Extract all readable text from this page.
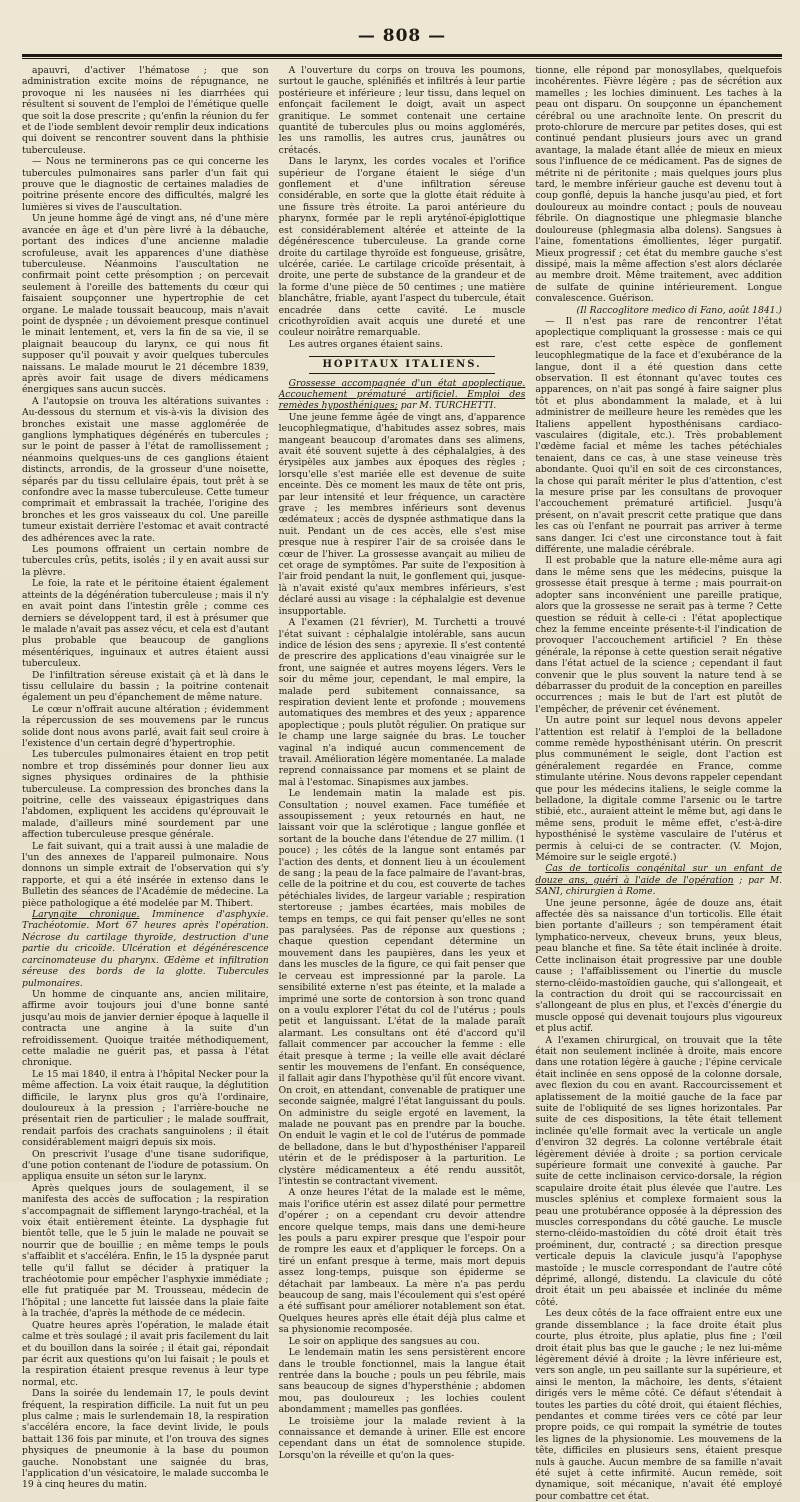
— 808 —

apauvri, d'activer l'hématose ; que son administration excite moins de répugnance, ne provoque ni les nausées ni les diarrhées qui résultent si souvent de l'emploi de l'émétique quelle que soit la dose prescrite ; qu'enfin la réunion du fer et de l'iode semblent devoir remplir deux indications qui doivent se rencontrer souvent dans la phthisie tuberculeuse.

— Nous ne terminerons pas ce qui concerne les tubercules pulmonaires sans parler d'un fait qui prouve que le diagnostic de certaines maladies de poitrine présente encore des difficultés, malgré les lumières si vives de l'auscultation.

Un jeune homme âgé de vingt ans, né d'une mère avancée en âge et d'un père livré à la débauche, portant des indices d'une ancienne maladie scrofuleuse, avait les apparences d'une diathèse tuberculeuse. Néanmoins l'auscultation ne confirmait point cette présomption ; on percevait seulement à l'oreille des battements du cœur qui faisaient soupçonner une hypertrophie de cet organe. Le malade toussait beaucoup, mais n'avait point de dyspnée ; un dévoiement presque continuel le minait lentement, et, vers la fin de sa vie, il se plaignait beaucoup du larynx, ce qui nous fit supposer qu'il pouvait y avoir quelques tubercules naissans. Le malade mourut le 21 décembre 1839, après avoir fait usage de divers médicamens énergiques sans aucun succès.

A l'autopsie on trouva les altérations suivantes : Au-dessous du sternum et vis-à-vis la division des bronches existait une masse agglomérée de ganglions lymphatiques dégénérés en tubercules ; sur le point de passer à l'état de ramollissement ; néanmoins quelques-uns de ces ganglions étaient distincts, arrondis, de la grosseur d'une noisette, séparés par du tissu cellulaire épais, tout prêt à se confondre avec la masse tuberculeuse. Cette tumeur comprimait et embrassait la trachée, l'origine des bronches et les gros vaisseaux du col. Une pareille tumeur existait derrière l'estomac et avait contracté des adhérences avec la rate.

Les poumons offraient un certain nombre de tubercules crûs, petits, isolés ; il y en avait aussi sur la plèvre.

Le foie, la rate et le péritoine étaient également atteints de la dégénération tuberculeuse ; mais il n'y en avait point dans l'intestin grêle ; comme ces derniers se développent tard, il est à présumer que le malade n'avait pas assez vécu, et cela est d'autant plus probable que beaucoup de ganglions mésentériques, inguinaux et autres étaient aussi tuberculeux.

De l'infiltration séreuse existait çà et là dans le tissu cellulaire du bassin ; la poitrine contenait également un peu d'épanchement de même nature.

Le cœur n'offrait aucune altération ; évidemment la répercussion de ses mouvemens par le runcus solide dont nous avons parlé, avait fait seul croire à l'existence d'un certain degré d'hypertrophie.

Les tubercules pulmonaires étaient en trop petit nombre et trop disséminés pour donner lieu aux signes physiques ordinaires de la phthisie tuberculeuse. La compression des bronches dans la poitrine, celle des vaisseaux épigastriques dans l'abdomen, expliquent les accidens qu'éprouvait le malade, d'ailleurs miné sourdement par une affection tuberculeuse presque générale.

Le fait suivant, qui a trait aussi à une maladie de l'un des annexes de l'appareil pulmonaire. Nous donnons un simple extrait de l'observation qui s'y rapporte, et qui a été insérée in extenso dans le Bulletin des séances de l'Académie de médecine. La pièce pathologique a été modelée par M. Thibert.

Laryngite chronique. Imminence d'asphyxie. Trachéotomie. Mort 67 heures après l'opération. Nécrose du cartilage thyroïde, destruction d'une partie du cricoïde. Ulcération et dégénérescence carcinomateuse du pharynx. Œdème et infiltration séreuse des bords de la glotte. Tubercules pulmonaires.

Un homme de cinquante ans, ancien militaire, affirme avoir toujours joui d'une bonne santé jusqu'au mois de janvier dernier époque à laquelle il contracta une angine à la suite d'un refroidissement. Quoique traitée méthodiquement, cette maladie ne guérit pas, et passa à l'état chronique.

Le 15 mai 1840, il entra à l'hôpital Necker pour la même affection. La voix était rauque, la déglutition difficile, le larynx plus gros qu'à l'ordinaire, douloureux à la pression ; l'arrière-bouche ne présentait rien de particulier ; le malade souffrait, rendait parfois des crachats sanguinolens ; il était considérablement maigri depuis six mois.

On prescrivit l'usage d'une tisane sudorifique, d'une potion contenant de l'iodure de potassium. On appliqua ensuite un séton sur le larynx.

Après quelques jours de soulagement, il se manifesta des accès de suffocation ; la respiration s'accompagnait de sifflement laryngo-trachéal, et la voix était entièrement éteinte. La dysphagie fut bientôt telle, que le 5 juin le malade ne pouvait se nourrir que de bouillie ; en même temps le pouls s'affaiblit et s'accéléra. Enfin, le 15 la dyspnée parut telle qu'il fallut se décider à pratiquer la trachéotomie pour empêcher l'asphyxie immédiate ; elle fut pratiquée par M. Trousseau, médecin de l'hôpital ; une lancette fut laissée dans la plaie faite à la trachée, d'après la méthode de ce médecin.

Quatre heures après l'opération, le malade était calme et très soulagé ; il avait pris facilement du lait et du bouillon dans la soirée ; il était gai, répondait par écrit aux questions qu'on lui faisait ; le pouls et la respiration étaient presque revenus à leur type normal, etc.

Dans la soirée du lendemain 17, le pouls devint fréquent, la respiration difficile. La nuit fut un peu plus calme ; mais le surlendemain 18, la respiration s'accéléra encore, la face devint livide, le pouls battait 136 fois par minute, et l'on trouva des signes physiques de pneumonie à la base du poumon gauche. Nonobstant une saignée du bras, l'application d'un vésicatoire, le malade succomba le 19 à cinq heures du matin.

A l'ouverture du corps on trouva les poumons, surtout le gauche, splénifiés et infiltrés à leur partie postérieure et inférieure ; leur tissu, dans lequel on enfonçait facilement le doigt, avait un aspect granitique. Le sommet contenait une certaine quantité de tubercules plus ou moins agglomérés, les uns ramollis, les autres crus, jaunâtres ou crétacés.

Dans le larynx, les cordes vocales et l'orifice supérieur de l'organe étaient le siége d'un gonflement et d'une infiltration séreuse considérable, en sorte que la glotte était réduite à une fissure très étroite. La paroi antérieure du pharynx, formée par le repli aryténoï-épiglottique est considérablement altérée et atteinte de la dégénérescence tuberculeuse. La grande corne droite du cartilage thyroïde est fongueuse, grisâtre, ulcérée, cariée. Le cartilage cricoïde présentait, à droite, une perte de substance de la grandeur et de la forme d'une pièce de 50 centimes ; une matière blanchâtre, friable, ayant l'aspect du tubercule, était encadrée dans cette cavité. Le muscle cricothyroïdien avait acquis une dureté et une couleur noirâtre remarquable.

Les autres organes étaient sains.

HOPITAUX ITALIENS.

Grossesse accompagnée d'un état apoplectique. Accouchement prématuré artificiel. Emploi des remèdes hyposthéniques; par M. TURCHETTI.

Une jeune femme âgée de vingt ans, d'apparence leucophlegmatique, d'habitudes assez sobres, mais mangeant beaucoup d'aromates dans ses alimens, avait été souvent sujette à des céphalalgies, à des érysipèles aux jambes aux époques des règles ; lorsqu'elle s'est mariée elle est devenue de suite enceinte. Dès ce moment les maux de tête ont pris, par leur intensité et leur fréquence, un caractère grave ; les membres inférieurs sont devenus œdémateux ; accès de dyspnée asthmatique dans la nuit. Pendant un de ces accès, elle s'est mise presque nue à respirer l'air de sa croisée dans le cœur de l'hiver. La grossesse avançait au milieu de cet orage de symptômes. Par suite de l'exposition à l'air froid pendant la nuit, le gonflement qui, jusque-là n'avait existé qu'aux membres inférieurs, s'est déclaré aussi au visage : la céphalalgie est devenue insupportable.

A l'examen (21 février), M. Turchetti a trouvé l'état suivant : céphalalgie intolérable, sans aucun indice de lésion des sens ; apyrexie. Il s'est contenté de prescrire des applications d'eau vinaigrée sur le front, une saignée et autres moyens légers. Vers le soir du même jour, cependant, le mal empire, la malade perd subitement connaissance, sa respiration devient lente et profonde ; mouvemens automatiques des membres et des yeux ; apparence apoplectique ; pouls plutôt régulier. On pratique sur le champ une large saignée du bras. Le toucher vaginal n'a indiqué aucun commencement de travail. Amélioration légère momentanée. La malade reprend connaissance par momens et se plaint de mal à l'estomac. Sinapismes aux jambes.

Le lendemain matin la malade est pis. Consultation ; nouvel examen. Face tuméfiée et assoupissement ; yeux retournés en haut, ne laissant voir que la sclérotique ; langue gonflée et sortant de la bouche dans l'étendue de 27 millim. (1 pouce) ; les côtés de la langue sont entamés par l'action des dents, et donnent lieu à un écoulement de sang ; la peau de la face palmaire de l'avant-bras, celle de la poitrine et du cou, est couverte de taches pétéchiales livides, de largeur variable ; respiration stertoreuse ; jambes écartées, mais mobiles de temps en temps, ce qui fait penser qu'elles ne sont pas paralysées. Pas de réponse aux questions ; chaque question cependant détermine un mouvement dans les paupières, dans les yeux et dans les muscles de la figure, ce qui fait penser que le cerveau est impressionné par la parole. La sensibilité externe n'est pas éteinte, et la malade a imprimé une sorte de contorsion à son tronc quand on a voulu explorer l'état du col de l'utérus ; pouls petit et languissant. L'état de la malade paraît alarmant. Les consultans ont été d'accord qu'il fallait commencer par accoucher la femme : elle était presque à terme ; la veille elle avait déclaré sentir les mouvemens de l'enfant. En conséquence, il fallait agir dans l'hypothèse qu'il fût encore vivant. On croit, en attendant, convenable de pratiquer une seconde saignée, malgré l'état languissant du pouls. On administre du seigle ergoté en lavement, la malade ne pouvant pas en prendre par la bouche. On enduit le vagin et le col de l'utérus de pommade de belladone, dans le but d'hyposthéniser l'appareil utérin et de le prédisposer à la parturition. Le clystère médicamenteux a été rendu aussitôt, l'intestin se contractant vivement.

A onze heures l'état de la malade est le même, mais l'orifice utérin est assez dilaté pour permettre d'opérer ; on a cependant cru devoir attendre encore quelque temps, mais dans une demi-heure les pouls a paru expirer presque que l'espoir pour de rompre les eaux et d'appliquer le forceps. On a tiré un enfant presque à terme, mais mort depuis assez long-temps, puisque son épiderme se détachait par lambeaux. La mère n'a pas perdu beaucoup de sang, mais l'écoulement qui s'est opéré a été suffisant pour améliorer notablement son état. Quelques heures après elle était déjà plus calme et sa physionomie recomposée.

Le soir on applique des sangsues au cou.

Le lendemain matin les sens persistèrent encore dans le trouble fonctionnel, mais la langue était rentrée dans la bouche ; pouls un peu fébrile, mais sans beaucoup de signes d'hypersthénie ; abdomen mou, pas douloureux ; les lochies coulent abondamment ; mamelles pas gonflées.

Le troisième jour la malade revient à la connaissance et demande à uriner. Elle est encore cependant dans un état de somnolence stupide. Lorsqu'on la réveille et qu'on la ques-

tionne, elle répond par monosyllabes, quelquefois incohérentes. Fièvre légère ; pas de sécrétion aux mamelles ; les lochies diminuent. Les taches à la peau ont disparu. On soupçonne un épanchement cérébral ou une arachnoïte lente. On prescrit du proto-chlorure de mercure par petites doses, qui est continué pendant plusieurs jours avec un grand avantage, la malade étant allée de mieux en mieux sous l'influence de ce médicament. Pas de signes de métrite ni de péritonite ; mais quelques jours plus tard, le membre inférieur gauche est devenu tout à coup gonflé, depuis la hanche jusqu'au pied, et fort douloureux au moindre contact ; pouls de nouveau fébrile. On diagnostique une phlegmasie blanche douloureuse (phlegmasia alba dolens). Sangsues à l'aine, fomentations émollientes, léger purgatif. Mieux progressif ; cet état du membre gauche s'est dissipé, mais la même affection s'est alors déclarée au membre droit. Même traitement, avec addition de sulfate de quinine intérieurement. Longue convalescence. Guérison.

(Il Raccoglitore medico di Fano, août 1841.)

— Il n'est pas rare de rencontrer l'état apoplectique compliquant la grossesse : mais ce qui est rare, c'est cette espèce de gonflement leucophlegmatique de la face et d'exubérance de la langue, dont il a été question dans cette observation. Il est étonnant qu'avec toutes ces apparences, on n'ait pas songé à faire saigner plus tôt et plus abondamment la malade, et à lui administrer de meilleure heure les remèdes que les Italiens appellent hyposthénisans cardiaco-vasculaires (digitale, etc.). Très probablement l'œdème facial et même les taches pétéchiales tenaient, dans ce cas, à une stase veineuse très abondante. Quoi qu'il en soit de ces circonstances, la chose qui paraît mériter le plus d'attention, c'est la mesure prise par les consultans de provoquer l'accouchement prématuré artificiel. Jusqu'à présent, on n'avait prescrit cette pratique que dans les cas où l'enfant ne pourrait pas arriver à terme sans danger. Ici c'est une circonstance tout à fait différente, une maladie cérébrale.

Il est probable que la nature elle-même aura agi dans le même sens que les médecins, puisque la grossesse était presque à terme ; mais pourrait-on adopter sans inconvénient une pareille pratique, alors que la grossesse ne serait pas à terme ? Cette question se réduit à celle-ci : l'état apoplectique chez la femme enceinte présente-t-il l'indication de provoquer l'accouchement artificiel ? En thèse générale, la réponse à cette question serait négative dans l'état actuel de la science ; cependant il faut convenir que le plus souvent la nature tend à se débarrasser du produit de la conception en pareilles occurrences ; mais le but de l'art est plutôt de l'empêcher, de prévenir cet événement.

Un autre point sur lequel nous devons appeler l'attention est relatif à l'emploi de la belladone comme remède hyposthénisant utérin. On prescrit plus communément le seigle, dont l'action est généralement regardée en France, comme stimulante utérine. Nous devons rappeler cependant que pour les médecins italiens, le seigle comme la belladone, la digitale comme l'arsenic ou le tartre stibié, etc., auraient atteint le même but, agi dans le même sens, produit le même effet, c'est-à-dire hyposthénisé le système vasculaire de l'utérus et permis à celui-ci de se contracter. (V. Mojon, Mémoire sur le seigle ergoté.)

Cas de torticolis congénital sur un enfant de douze ans, guéri à l'aide de l'opération ; par M. SANI, chirurgien à Rome.

Une jeune personne, âgée de douze ans, était affectée dès sa naissance d'un torticolis. Elle était bien portante d'ailleurs ; son tempérament était lymphatico-nerveux, cheveux bruns, yeux bleus, peau blanche et fine. Sa tête était inclinée à droite. Cette inclinaison était progressive par une double cause ; l'affaiblissement ou l'inertie du muscle sterno-cléido-mastoïdien gauche, qui s'allongeait, et la contraction du droit qui se raccourcissait en s'allongeant de plus en plus, et l'excès d'énergie du muscle opposé qui devenait toujours plus vigoureux et plus actif.

A l'examen chirurgical, on trouvait que la tête était non seulement inclinée à droite, mais encore dans une rotation légère à gauche ; l'épine cervicale était inclinée en sens opposé de la colonne dorsale, avec flexion du cou en avant. Raccourcissement et aplatissement de la moitié gauche de la face par suite de l'obliquité de ses lignes horizontales. Par suite de ces dispositions, la tête était tellement inclinée qu'elle formait avec la verticale un angle d'environ 32 degrés. La colonne vertébrale était légèrement déviée à droite ; sa portion cervicale supérieure formait une convexité à gauche. Par suite de cette inclinaison cervico-dorsale, la région scapulaire droite était plus élevée que l'autre. Les muscles splénius et complexe formaient sous la peau une protubérance opposée à la dépression des muscles correspondans du côté gauche. Le muscle sterno-cléido-mastoïdien du côté droit était très proéminent, dur, contracté ; sa direction presque verticale depuis la clavicule jusqu'à l'apophyse mastoïde ; le muscle correspondant de l'autre côté déprimé, allongé, distendu. La clavicule du côté droit était un peu abaissée et inclinée du même côté.

Les deux côtés de la face offraient entre eux une grande dissemblance ; la face droite était plus courte, plus étroite, plus aplatie, plus fine ; l'œil droit était plus bas que le gauche ; le nez lui-même légèrement dévié à droite ; la lèvre inférieure est, vers son angle, un peu saillante sur la supérieure, et ainsi le menton, la mâchoire, les dents, s'étaient dirigés vers le même côté. Ce défaut s'étendait à toutes les parties du côté droit, qui étaient fléchies, pendantes et comme tirées vers ce côté par leur propre poids, ce qui rompait la symétrie de toutes les lignes de la physionomie. Les mouvemens de la tête, difficiles en plusieurs sens, étaient presque nuls à gauche. Aucun membre de sa famille n'avait été sujet à cette infirmité. Aucun remède, soit dynamique, soit mécanique, n'avait été employé pour combattre cet état.
